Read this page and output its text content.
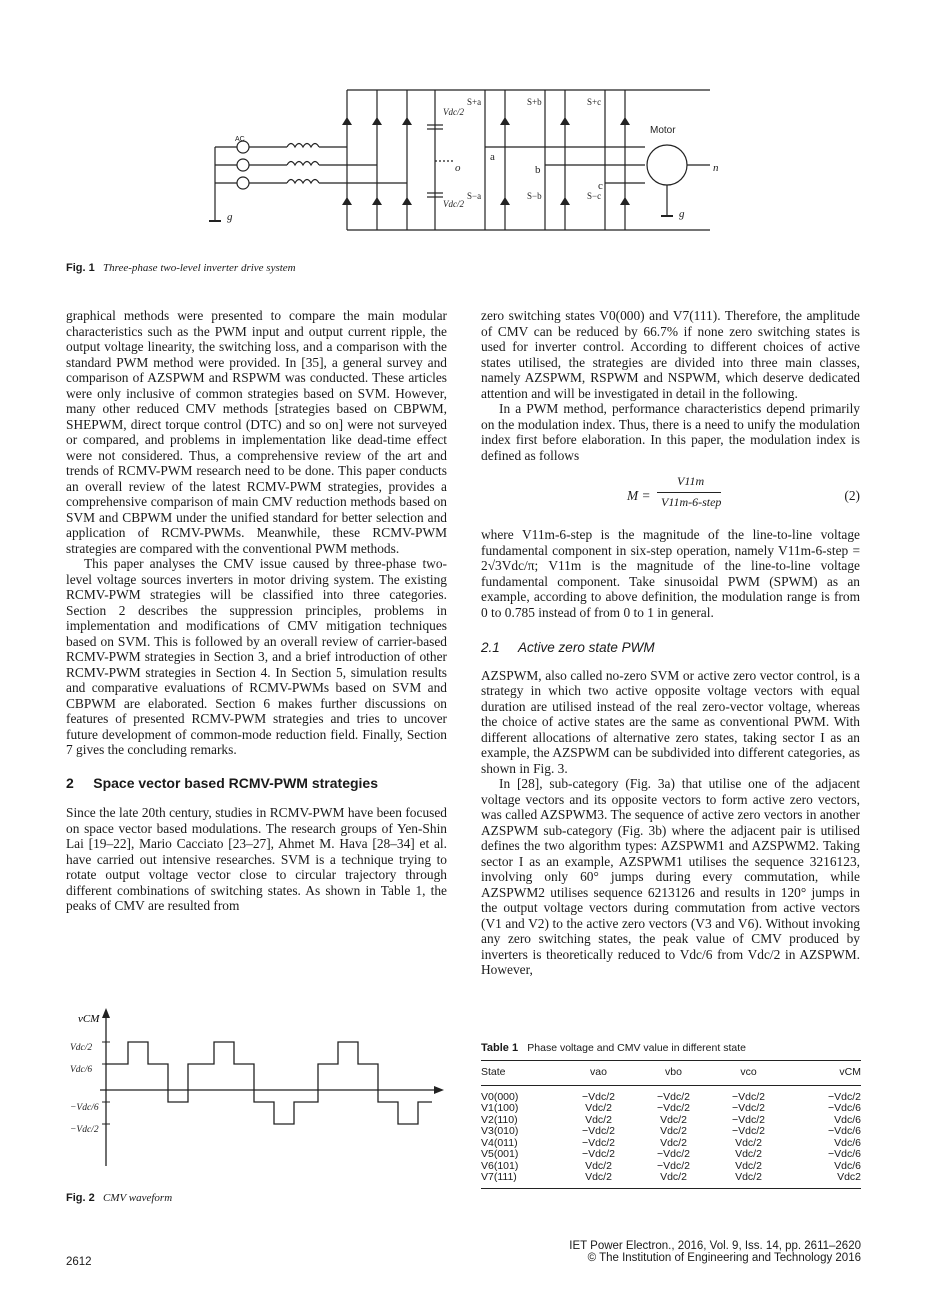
AC
g
Vdc/2
Vdc/2
o
S+a	S+b	S+c
S−a	S−b	S−c
a
b
c
Motor
n
g
Fig. 1 Three-phase two-level inverter drive system

graphical methods were presented to compare the main modular characteristics such as the PWM input and output current ripple, the output voltage linearity, the switching loss, and a comparison with the standard PWM method were provided. In [35], a general survey and comparison of AZSPWM and RSPWM was conducted. These articles were only inclusive of common strategies based on SVM. However, many other reduced CMV methods [strategies based on CBPWM, SHEPWM, direct torque control (DTC) and so on] were not surveyed or compared, and problems in implementation like dead-time effect were not considered. Thus, a comprehensive review of the art and trends of RCMV-PWM research need to be done. This paper conducts an overall review of the latest RCMV-PWM strategies, provides a comprehensive comparison of main CMV reduction methods based on SVM and CBPWM under the unified standard for better selection and application of RCMV-PWMs. Meanwhile, these RCMV-PWM strategies are compared with the conventional PWM methods.

This paper analyses the CMV issue caused by three-phase two-level voltage sources inverters in motor driving system. The existing RCMV-PWM strategies will be classified into three categories. Section 2 describes the suppression principles, problems in implementation and modifications of CMV mitigation techniques based on SVM. This is followed by an overall review of carrier-based RCMV-PWM strategies in Section 3, and a brief introduction of other RCMV-PWM strategies in Section 4. In Section 5, simulation results and comparative evaluations of RCMV-PWMs based on SVM and CBPWM are elaborated. Section 6 makes further discussions on features of presented RCMV-PWM strategies and tries to uncover future development of common-mode reduction field. Finally, Section 7 gives the concluding remarks.

2 Space vector based RCMV-PWM strategies

Since the late 20th century, studies in RCMV-PWM have been focused on space vector based modulations. The research groups of Yen-Shin Lai [19–22], Mario Cacciato [23–27], Ahmet M. Hava [28–34] et al. have carried out intensive researches. SVM is a technique trying to rotate output voltage vector close to circular trajectory through different combinations of switching states. As shown in Table 1, the peaks of CMV are resulted from

vCM
Vdc/2
Vdc/6
−Vdc/6
−Vdc/2
Fig. 2 CMV waveform

zero switching states V0(000) and V7(111). Therefore, the amplitude of CMV can be reduced by 66.7% if none zero switching states is used for inverter control. According to different choices of active states utilised, the strategies are divided into three main classes, namely AZSPWM, RSPWM and NSPWM, which deserve dedicated attention and will be investigated in detail in the following.

In a PWM method, performance characteristics depend primarily on the modulation index. Thus, there is a need to unify the modulation index first before elaboration. In this paper, the modulation index is defined as follows

M =
V11m
V11m-6-step	(2)

where V11m-6-step is the magnitude of the line-to-line voltage fundamental component in six-step operation, namely V11m-6-step = 2√3Vdc/π; V11m is the magnitude of the line-to-line voltage fundamental component. Take sinusoidal PWM (SPWM) as an example, according to above definition, the modulation range is from 0 to 0.785 instead of from 0 to 1 in general.

2.1 Active zero state PWM

AZSPWM, also called no-zero SVM or active zero vector control, is a strategy in which two active opposite voltage vectors with equal duration are utilised instead of the real zero-vector voltage, whereas the choice of active states are the same as conventional PWM. With different allocations of alternative zero states, taking sector I as an example, the AZSPWM can be subdivided into different categories, as shown in Fig. 3.

In [28], sub-category (Fig. 3a) that utilise one of the adjacent voltage vectors and its opposite vectors to form active zero vectors, was called AZSPWM3. The sequence of active zero vectors in another AZSPWM sub-category (Fig. 3b) where the adjacent pair is utilised defines the two algorithm types: AZSPWM1 and AZSPWM2. Taking sector I as an example, AZSPWM1 utilises the sequence 3216123, involving only 60° jumps during every commutation, while AZSPWM2 utilises sequence 6213126 and results in 120° jumps in the output voltage vectors during commutation from active vectors (V1 and V2) to the active zero vectors (V3 and V6). Without invoking any zero switching states, the peak value of CMV produced by inverters is theoretically reduced to Vdc/6 from Vdc/2 in AZSPWM. However,

Table 1 Phase voltage and CMV value in different state
State	vao	vbo	vco	vCM
V0(000)	−Vdc/2	−Vdc/2	−Vdc/2	−Vdc/2
V1(100)	Vdc/2	−Vdc/2	−Vdc/2	−Vdc/6
V2(110)	Vdc/2	Vdc/2	−Vdc/2	Vdc/6
V3(010)	−Vdc/2	Vdc/2	−Vdc/2	−Vdc/6
V4(011)	−Vdc/2	Vdc/2	Vdc/2	Vdc/6
V5(001)	−Vdc/2	−Vdc/2	Vdc/2	−Vdc/6
V6(101)	Vdc/2	−Vdc/2	Vdc/2	Vdc/6
V7(111)	Vdc/2	Vdc/2	Vdc/2	Vdc2
2612
IET Power Electron., 2016, Vol. 9, Iss. 14, pp. 2611–2620
© The Institution of Engineering and Technology 2016
